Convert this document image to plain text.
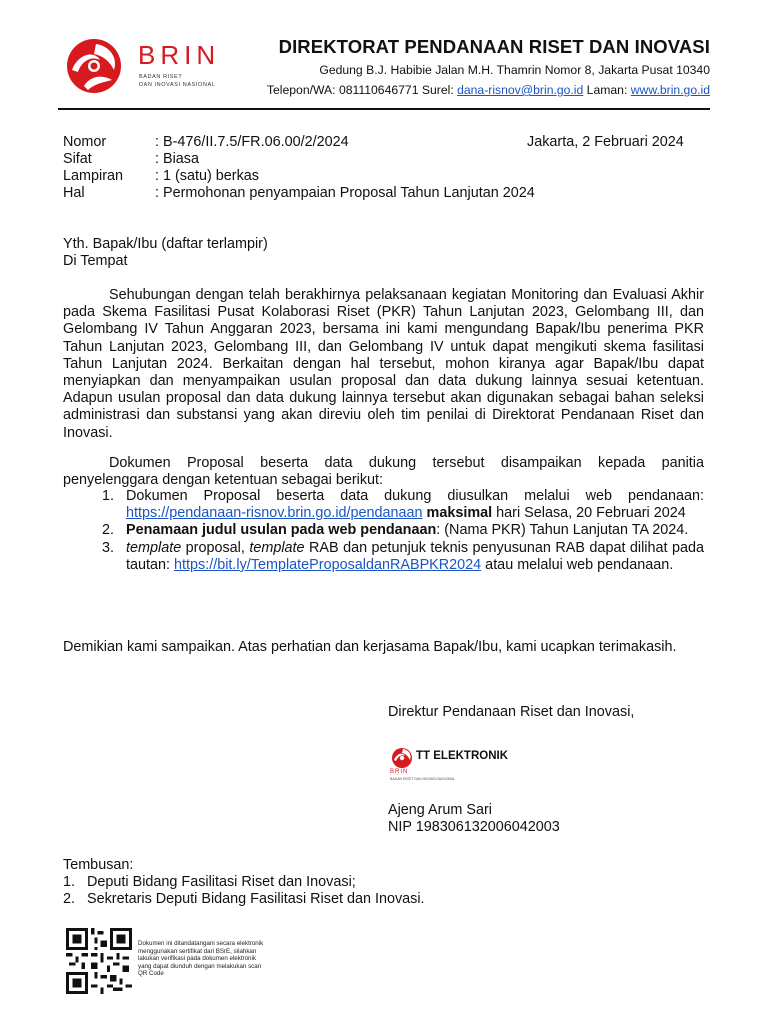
BRIN
BADAN RISET
DAN INOVASI NASIONAL
DIREKTORAT PENDANAAN RISET DAN INOVASI
Gedung B.J. Habibie Jalan M.H. Thamrin Nomor 8, Jakarta Pusat 10340
Telepon/WA: 081110646771 Surel: dana-risnov@brin.go.id Laman: www.brin.go.id
Nomor	: B-476/II.7.5/FR.06.00/2/2024
Sifat	: Biasa
Lampiran	: 1 (satu) berkas
Hal	: Permohonan penyampaian Proposal Tahun Lanjutan 2024
Jakarta, 2 Februari 2024
Yth. Bapak/Ibu (daftar terlampir)
Di Tempat
Sehubungan dengan telah berakhirnya pelaksanaan kegiatan Monitoring dan Evaluasi Akhir pada Skema Fasilitasi Pusat Kolaborasi Riset (PKR) Tahun Lanjutan 2023, Gelombang III, dan Gelombang IV Tahun Anggaran 2023, bersama ini kami mengundang Bapak/Ibu penerima PKR Tahun Lanjutan 2023, Gelombang III, dan Gelombang IV untuk dapat mengikuti skema fasilitasi Tahun Lanjutan 2024. Berkaitan dengan hal tersebut, mohon kiranya agar Bapak/Ibu dapat menyiapkan dan menyampaikan usulan proposal dan data dukung lainnya sesuai ketentuan. Adapun usulan proposal dan data dukung lainnya tersebut akan digunakan sebagai bahan seleksi administrasi dan substansi yang akan direviu oleh tim penilai di Direktorat Pendanaan Riset dan Inovasi.
Dokumen Proposal beserta data dukung tersebut disampaikan kepada panitia penyelenggara dengan ketentuan sebagai berikut:
1. Dokumen Proposal beserta data dukung diusulkan melalui web pendanaan: https://pendanaan-risnov.brin.go.id/pendanaan maksimal hari Selasa, 20 Februari 2024
2. Penamaan judul usulan pada web pendanaan: (Nama PKR) Tahun Lanjutan TA 2024.
3. template proposal, template RAB dan petunjuk teknis penyusunan RAB dapat dilihat pada tautan: https://bit.ly/TemplateProposaldanRABPKR2024 atau melalui web pendanaan.
Demikian kami sampaikan. Atas perhatian dan kerjasama Bapak/Ibu, kami ucapkan terimakasih.
Direktur Pendanaan Riset dan Inovasi,
TT ELEKTRONIK
BRIN
BADAN RISET DAN INOVASI NASIONAL
Ajeng Arum Sari
NIP 198306132006042003
Tembusan:
1. Deputi Bidang Fasilitasi Riset dan Inovasi;
2. Sekretaris Deputi Bidang Fasilitasi Riset dan Inovasi.
Dokumen ini ditandatangani secara elektronik menggunakan sertifikat dari BSrE, silahkan lakukan verifikasi pada dokumen elektronik yang dapat diunduh dengan melakukan scan QR Code
